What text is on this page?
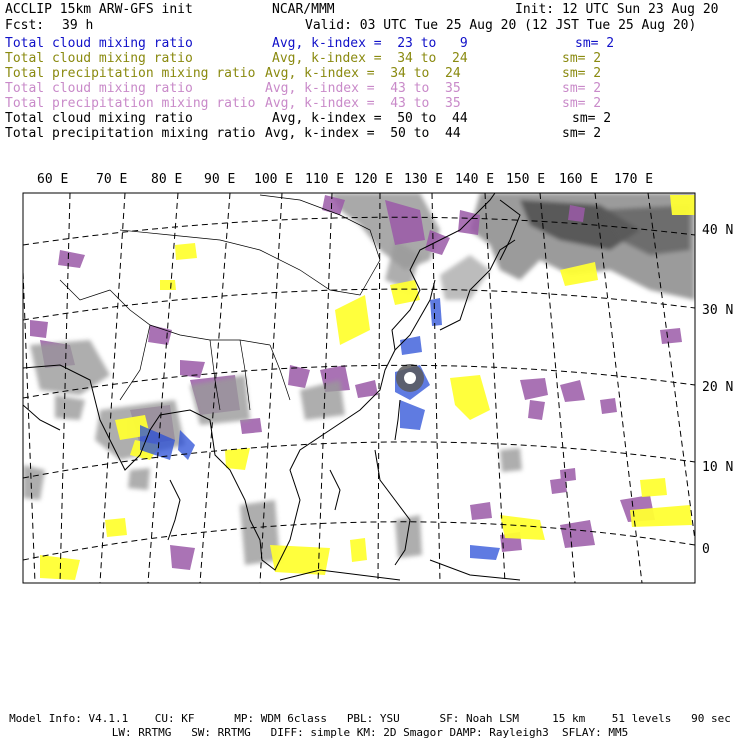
ACCLIP 15km ARW-GFS init	NCAR/MMM	Init: 12 UTC Sun 23 Aug 20
Fcst: 39 h	Valid: 03 UTC Tue 25 Aug 20 (12 JST Tue 25 Aug 20)
Total cloud mixing ratio	Avg, k-index =  23 to   9	sm= 2
Total cloud mixing ratio	Avg, k-index =  34 to  24	sm= 2
Total precipitation mixing ratio Avg, k-index =  34 to  24	sm= 2
Total cloud mixing ratio	Avg, k-index =  43 to  35	sm= 2
Total precipitation mixing ratio Avg, k-index =  43 to  35	sm= 2
Total cloud mixing ratio	Avg, k-index =  50 to  44	sm= 2
Total precipitation mixing ratio Avg, k-index =  50 to  44	sm= 2
60 E 70 E 80 E 90 E 100 E 110 E 120 E 130 E 140 E 150 E 160 E 170 E
40 N
30 N
20 N
10 N
0
Model Info: V4.1.1    CU: KF      MP: WDM 6class   PBL: YSU      SF: Noah LSM     15 km    51 levels   90 sec
LW: RRTMG   SW: RRTMG   DIFF: simple KM: 2D Smagor DAMP: Rayleigh3  SFLAY: MM5
